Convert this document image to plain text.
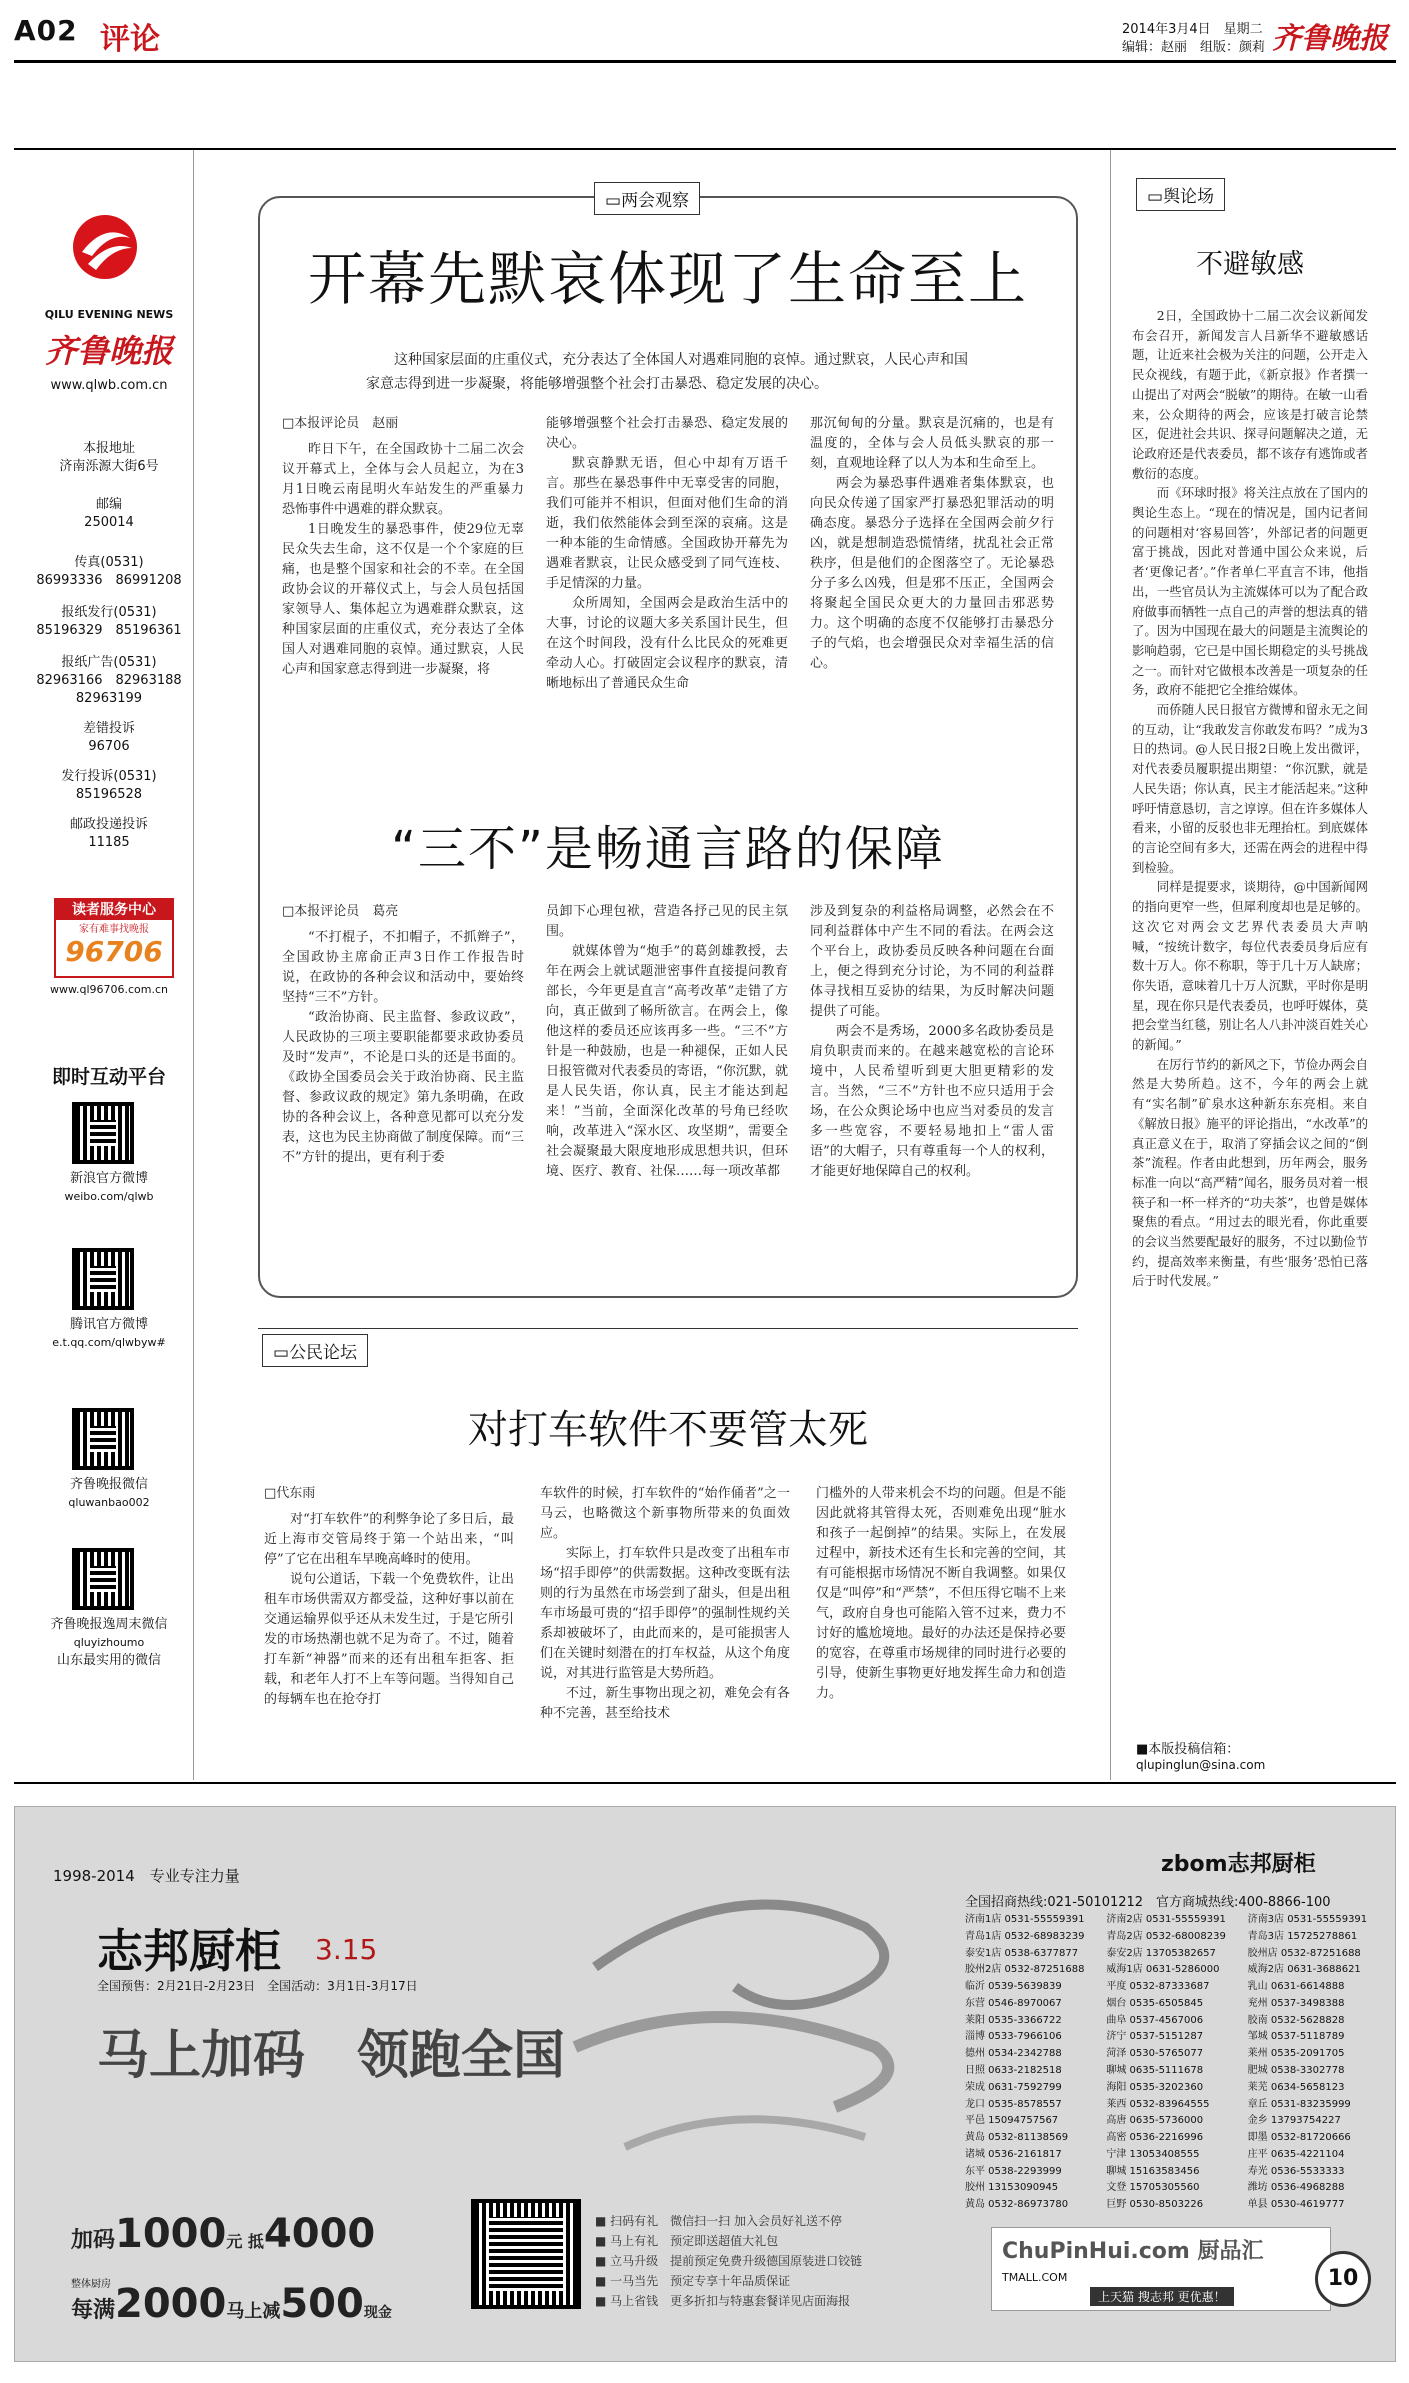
A02 评论	2014年3月4日　星期二
编辑：赵丽　组版：颜莉 齐鲁晚报
QILU EVENING NEWS
齐鲁晚报
www.qlwb.com.cn
本报地址
济南泺源大街6号
邮编
250014
传真(0531)
86993336　86991208
报纸发行(0531)
85196329　85196361
报纸广告(0531)
82963166　82963188
82963199
差错投诉
96706
发行投诉(0531)
85196528
邮政投递投诉
11185
读者服务中心
家有难事找晚报
96706
www.ql96706.com.cn
即时互动平台
新浪官方微博
weibo.com/qlwb
腾讯官方微博
e.t.qq.com/qlwbyw#
齐鲁晚报微信
qluwanbao002
齐鲁晚报逸周末微信
qluyizhoumo
山东最实用的微信
▭两会观察
开幕先默哀体现了生命至上
这种国家层面的庄重仪式，充分表达了全体国人对遇难同胞的哀悼。通过默哀，人民心声和国家意志得到进一步凝聚，将能够增强整个社会打击暴恐、稳定发展的决心。

□本报评论员　赵丽

昨日下午，在全国政协十二届二次会议开幕式上，全体与会人员起立，为在3月1日晚云南昆明火车站发生的严重暴力恐怖事件中遇难的群众默哀。

1日晚发生的暴恐事件，使29位无辜民众失去生命，这不仅是一个个家庭的巨痛，也是整个国家和社会的不幸。在全国政协会议的开幕仪式上，与会人员包括国家领导人、集体起立为遇难群众默哀，这种国家层面的庄重仪式，充分表达了全体国人对遇难同胞的哀悼。通过默哀，人民心声和国家意志得到进一步凝聚，将

能够增强整个社会打击暴恐、稳定发展的决心。

默哀静默无语，但心中却有万语千言。那些在暴恐事件中无辜受害的同胞，我们可能并不相识，但面对他们生命的消逝，我们依然能体会到至深的哀痛。这是一种本能的生命情感。全国政协开幕先为遇难者默哀，让民众感受到了同气连枝、手足情深的力量。

众所周知，全国两会是政治生活中的大事，讨论的议题大多关系国计民生，但在这个时间段，没有什么比民众的死难更牵动人心。打破固定会议程序的默哀，清晰地标出了普通民众生命

那沉甸甸的分量。默哀是沉痛的，也是有温度的，全体与会人员低头默哀的那一刻，直观地诠释了以人为本和生命至上。

两会为暴恐事件遇难者集体默哀，也向民众传递了国家严打暴恐犯罪活动的明确态度。暴恐分子选择在全国两会前夕行凶，就是想制造恐慌情绪，扰乱社会正常秩序，但是他们的企图落空了。无论暴恐分子多么凶残，但是邪不压正，全国两会将聚起全国民众更大的力量回击邪恶势力。这个明确的态度不仅能够打击暴恐分子的气焰，也会增强民众对幸福生活的信心。

“三不”是畅通言路的保障

□本报评论员　葛亮

“不打棍子，不扣帽子，不抓辫子”，全国政协主席俞正声3日作工作报告时说，在政协的各种会议和活动中，要始终坚持“三不”方针。

“政治协商、民主监督、参政议政”，人民政协的三项主要职能都要求政协委员及时“发声”，不论是口头的还是书面的。《政协全国委员会关于政治协商、民主监督、参政议政的规定》第九条明确，在政协的各种会议上，各种意见都可以充分发表，这也为民主协商做了制度保障。而“三不”方针的提出，更有利于委

员卸下心理包袱，营造各抒己见的民主氛围。

就媒体曾为“炮手”的葛剑雄教授，去年在两会上就试题泄密事件直接提问教育部长，今年更是直言“高考改革”走错了方向，真正做到了畅所欲言。在两会上，像他这样的委员还应该再多一些。“三不”方针是一种鼓励，也是一种褪保，正如人民日报管微对代表委员的寄语，“你沉默，就是人民失语，你认真，民主才能达到起来！”当前，全面深化改革的号角已经吹响，改革进入“深水区、攻坚期”，需要全社会凝聚最大限度地形成思想共识，但环境、医疗、教育、社保……每一项改革都

涉及到复杂的利益格局调整，必然会在不同利益群体中产生不同的看法。在两会这个平台上，政协委员反映各种问题在台面上，便之得到充分讨论，为不同的利益群体寻找相互妥协的结果，为反时解决问题提供了可能。

两会不是秀场，2000多名政协委员是肩负职责而来的。在越来越宽松的言论环境中，人民希望听到更大胆更精彩的发言。当然，“三不”方针也不应只适用于会场，在公众舆论场中也应当对委员的发言多一些宽容，不要轻易地扣上“雷人雷语”的大帽子，只有尊重每一个人的权利，才能更好地保障自己的权利。

▭公民论坛
对打车软件不要管太死

□代东雨

对“打车软件”的利弊争论了多日后，最近上海市交管局终于第一个站出来，“叫停”了它在出租车早晚高峰时的使用。

说句公道话，下载一个免费软件，让出租车市场供需双方都受益，这种好事以前在交通运输界似乎还从未发生过，于是它所引发的市场热潮也就不足为奇了。不过，随着打车新“神器”而来的还有出租车拒客、拒载，和老年人打不上车等问题。当得知自己的每辆车也在抢夺打

车软件的时候，打车软件的“始作俑者”之一马云，也略微这个新事物所带来的负面效应。

实际上，打车软件只是改变了出租车市场“招手即停”的供需数据。这种改变既有法则的行为虽然在市场尝到了甜头，但是出租车市场最可贵的“招手即停”的强制性规约关系却被破坏了，由此而来的，是可能损害人们在关键时刻潜在的打车权益，从这个角度说，对其进行监管是大势所趋。

不过，新生事物出现之初，难免会有各种不完善，甚至给技术

门槛外的人带来机会不均的问题。但是不能因此就将其管得太死，否则难免出现“脏水和孩子一起倒掉”的结果。实际上，在发展过程中，新技术还有生长和完善的空间，其有可能根据市场情况不断自我调整。如果仅仅是“叫停”和“严禁”，不但压得它喘不上来气，政府自身也可能陷入管不过来，费力不讨好的尴尬境地。最好的办法还是保持必要的宽容，在尊重市场规律的同时进行必要的引导，使新生事物更好地发挥生命力和创造力。

▭舆论场
不避敏感

2日，全国政协十二届二次会议新闻发布会召开，新闻发言人吕新华不避敏感话题，让近来社会极为关注的问题，公开走入民众视线，有题于此，《新京报》作者撰一山提出了对两会“脱敏”的期待。在敏一山看来，公众期待的两会，应该是打破言论禁区，促进社会共识、探寻问题解决之道，无论政府还是代表委员，都不该存有逃饰或者敷衍的态度。

而《环球时报》将关注点放在了国内的舆论生态上。“现在的情况是，国内记者间的问题相对‘容易回答’，外部记者的问题更富于挑战，因此对普通中国公众来说，后者‘更像记者’。”作者单仁平直言不讳，他指出，一些官员认为主流媒体可以为了配合政府做事而牺牲一点自己的声誉的想法真的错了。因为中国现在最大的问题是主流舆论的影响趋弱，它已是中国长期稳定的头号挑战之一。而针对它做根本改善是一项复杂的任务，政府不能把它全推给媒体。

而侨随人民日报官方微博和留永无之间的互动，让“我敢发言你敢发布吗？”成为3日的热词。@人民日报2日晚上发出微评，对代表委员履职提出期望：“你沉默，就是人民失语；你认真，民主才能活起来。”这种呼吁情意恳切，言之谆谆。但在许多媒体人看来，小留的反驳也非无理抬杠。到底媒体的言论空间有多大，还需在两会的进程中得到检验。

同样是提要求，谈期待，@中国新闻网的指向更窄一些，但犀利度却也是足够的。这次它对两会文艺界代表委员大声呐喊，“按统计数字，每位代表委员身后应有数十万人。你不称职，等于几十万人缺席；你失语，意味着几十万人沉默，平时你是明星，现在你只是代表委员，也呼吁媒体，莫把会堂当红毯，别让名人八卦冲淡百姓关心的新闻。”

在厉行节约的新风之下，节俭办两会自然是大势所趋。这不，今年的两会上就有“实名制”矿泉水这种新东东亮相。来自《解放日报》施平的评论指出，“水改革”的真正意义在于，取消了穿插会议之间的“倒茶”流程。作者由此想到，历年两会，服务标准一向以“高严精”闻名，服务员对着一根筷子和一杯一样齐的“功夫茶”，也曾是媒体聚焦的看点。“用过去的眼光看，你此重要的会议当然要配最好的服务，不过以勤俭节约，提高效率来衡量，有些‘服务’恐怕已落后于时代发展。”

■本版投稿信箱：
qlupinglun@sina.com
1998-2014　专业专注力量
志邦厨柜 3.15
全国预售：2月21日-2月23日　全国活动：3月1日-3月17日
马上加码　领跑全国
加码1000元 抵4000
整体厨房
每满2000马上减500现金
■ 扫码有礼　微信扫一扫 加入会员好礼送不停
■ 马上有礼　预定即送超值大礼包
■ 立马升级　提前预定免费升级德国原装进口铰链
■ 一马当先　预定专享十年品质保证
■ 马上省钱　更多折扣与特惠套餐详见店面海报
zbom志邦厨柜
全国招商热线:021-50101212　官方商城热线:400-8866-100
济南1店 0531-55559391	济南2店 0531-55559391	济南3店 0531-55559391
青岛1店 0532-68983239	青岛2店 0532-68008239	青岛3店 15725278861
泰安1店 0538-6377877	泰安2店 13705382657	胶州店 0532-87251688
胶州2店 0532-87251688	威海1店 0631-5286000	威海2店 0631-3688621
临沂 0539-5639839	平度 0532-87333687	乳山 0631-6614888
东营 0546-8970067	烟台 0535-6505845	兖州 0537-3498388
莱阳 0535-3366722	曲阜 0537-4567006	胶南 0532-5628828
淄博 0533-7966106	济宁 0537-5151287	邹城 0537-5118789
德州 0534-2342788	菏泽 0530-5765077	莱州 0535-2091705
日照 0633-2182518	聊城 0635-5111678	肥城 0538-3302778
荣成 0631-7592799	海阳 0535-3202360	莱芜 0634-5658123
龙口 0535-8578557	莱西 0532-83964555	章丘 0531-83235999
平邑 15094757567	高唐 0635-5736000	金乡 13793754227
黄岛 0532-81138569	高密 0536-2216996	即墨 0532-81720666
诸城 0536-2161817	宁津 13053408555	庄平 0635-4221104
东平 0538-2293999	聊城 15163583456	寿光 0536-5533333
胶州 13153090945	文登 15705305560	潍坊 0536-4968288
黄岛 0532-86973780	巨野 0530-8503226	单县 0530-4619777
ChuPinHui.com 厨品汇
TMALL.COM
上天猫 搜志邦 更优惠！
10
